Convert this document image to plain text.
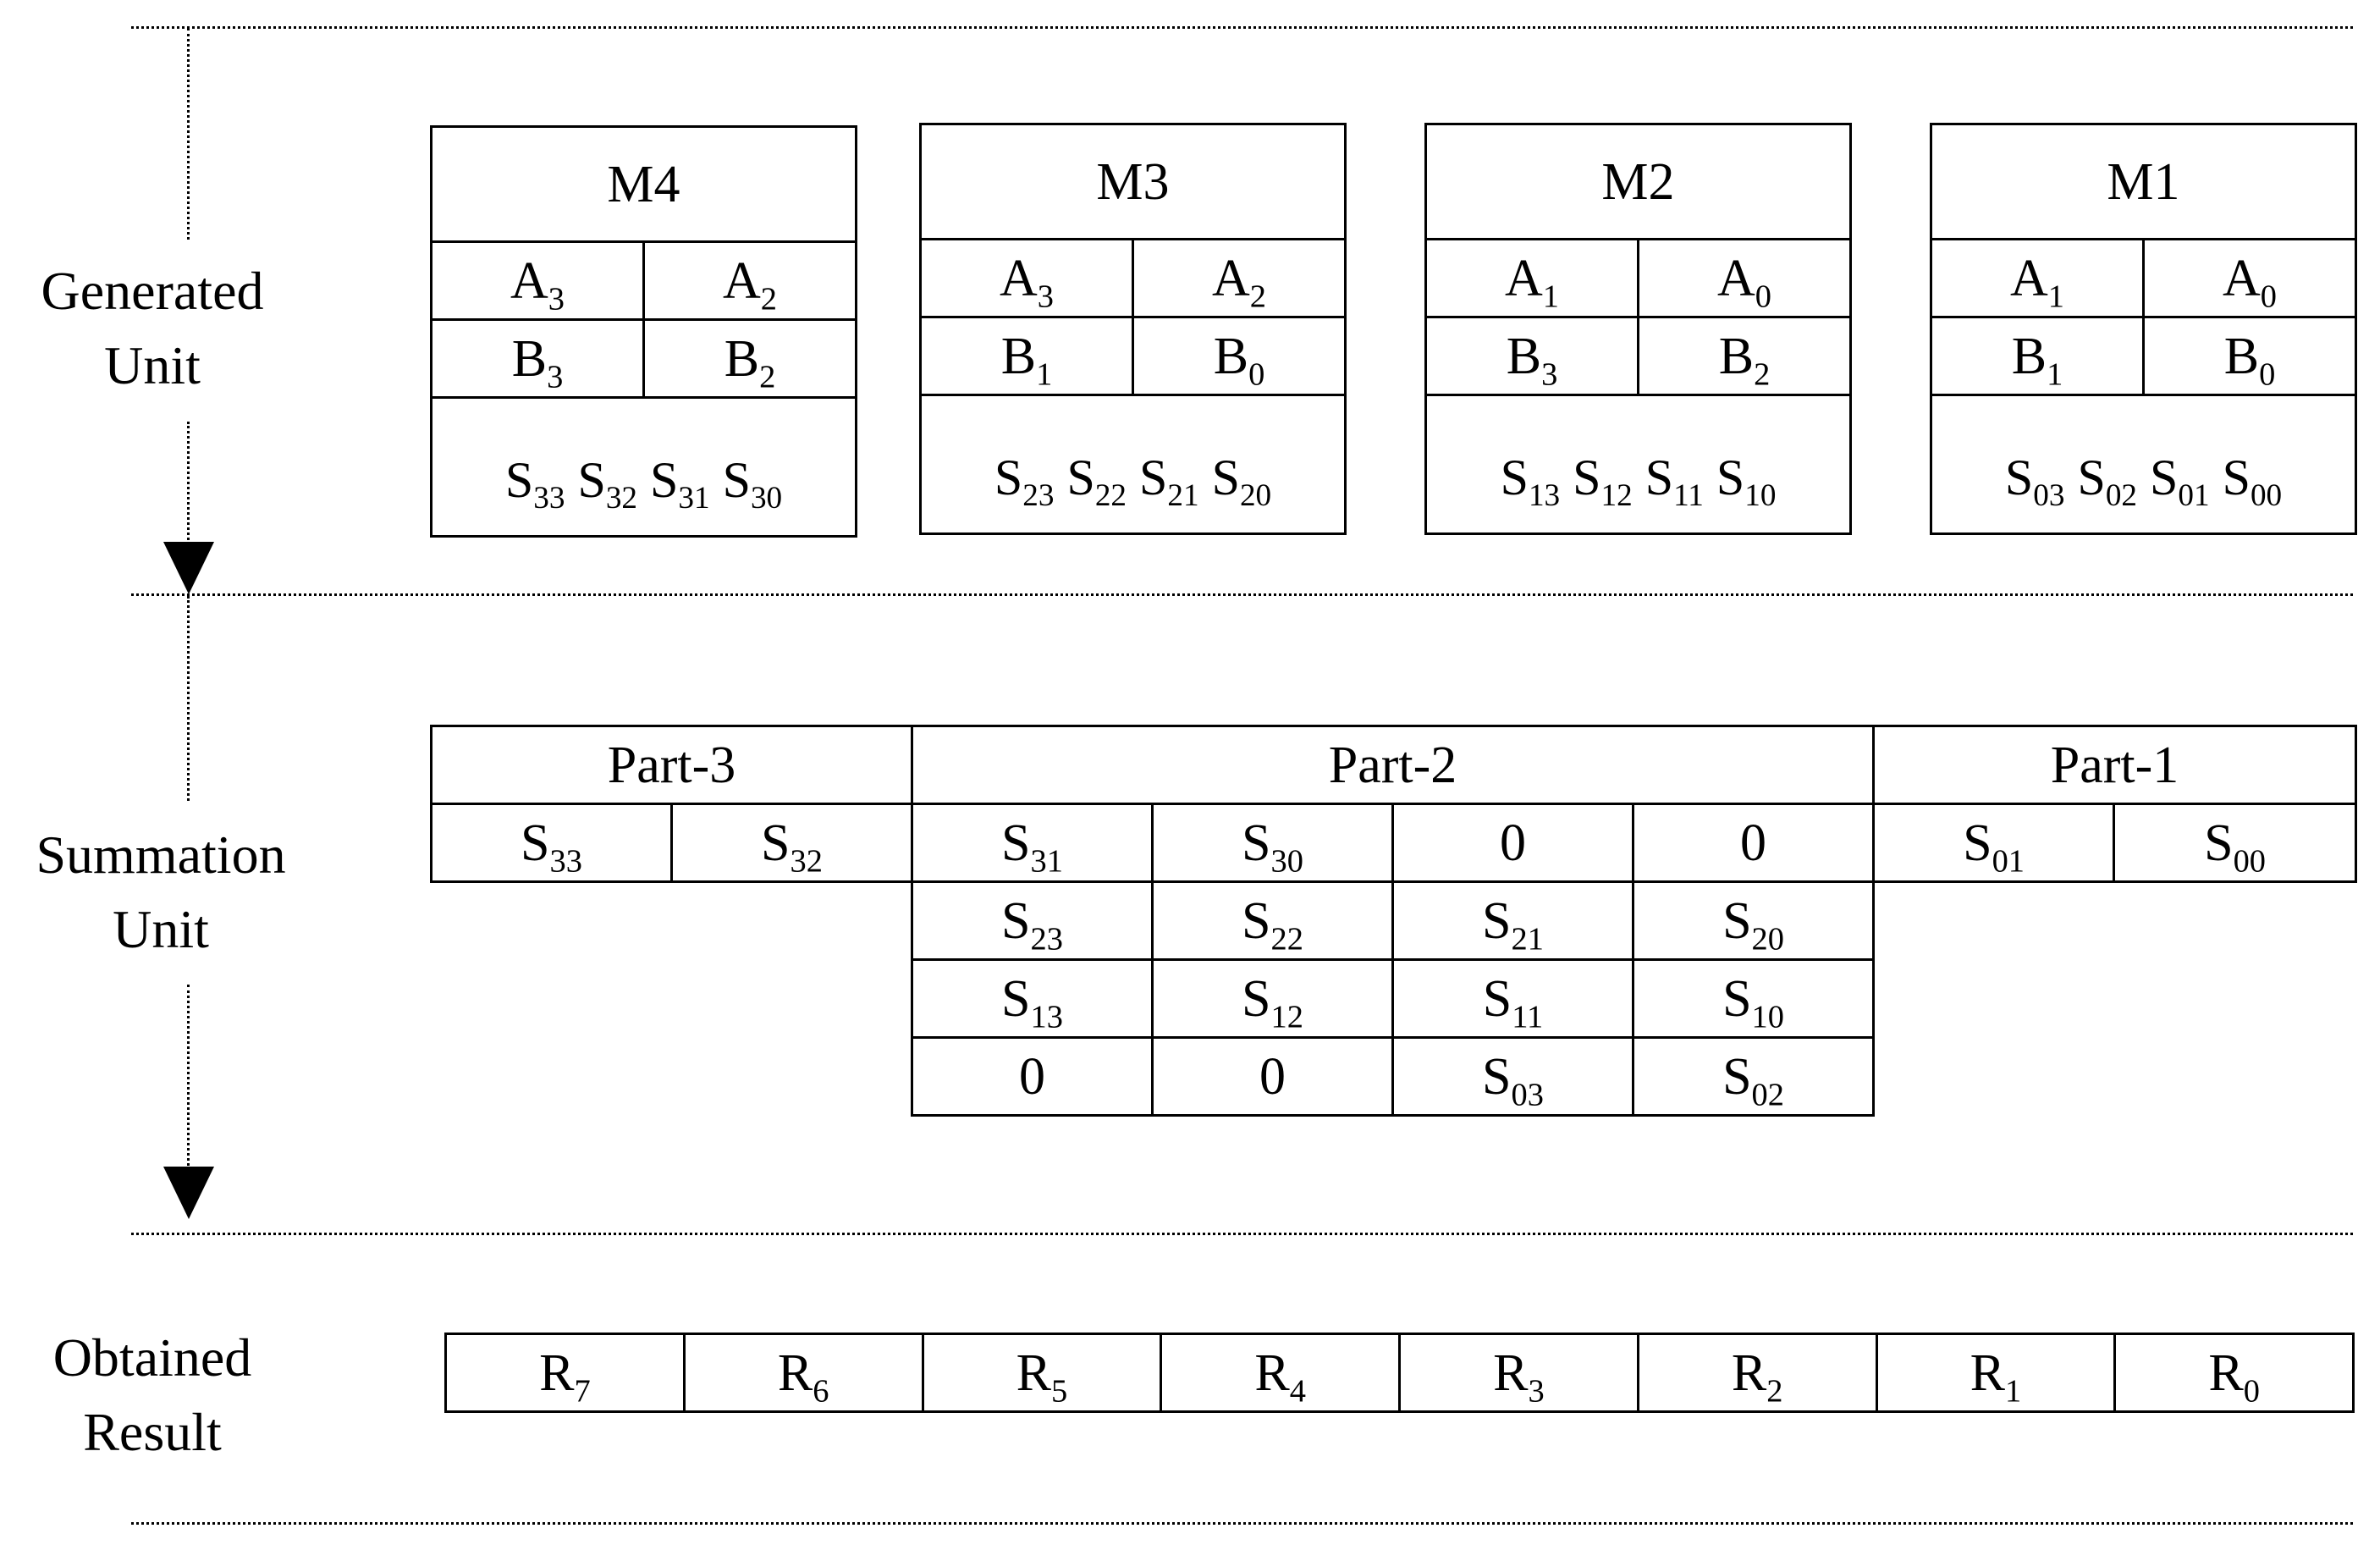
Generated
Unit
Summation
Unit
Obtained
Result
M4	
$A_3$	$A_2$
$B_3$	$B_2$
$S_{33}$ $S_{32}$ $S_{31}$ $S_{30}$
M3	
$A_3$	$A_2$
$B_1$	$B_0$
$S_{23}$ $S_{22}$ $S_{21}$ $S_{20}$
M2	
$A_1$	$A_0$
$B_3$	$B_2$
$S_{13}$ $S_{12}$ $S_{11}$ $S_{10}$
M1	
$A_1$	$A_0$
$B_1$	$B_0$
$S_{03}$ $S_{02}$ $S_{01}$ $S_{00}$
Part-3		Part-2				Part-1	
$S_{33}$	$S_{32}$	$S_{31}$	$S_{30}$	0	0	$S_{01}$	$S_{00}$
		$S_{23}$	$S_{22}$	$S_{21}$	$S_{20}$		
		$S_{13}$	$S_{12}$	$S_{11}$	$S_{10}$		
		0	0	$S_{03}$	$S_{02}$		
$R_7$	$R_6$	$R_5$	$R_4$	$R_3$	$R_2$	$R_1$	$R_0$
